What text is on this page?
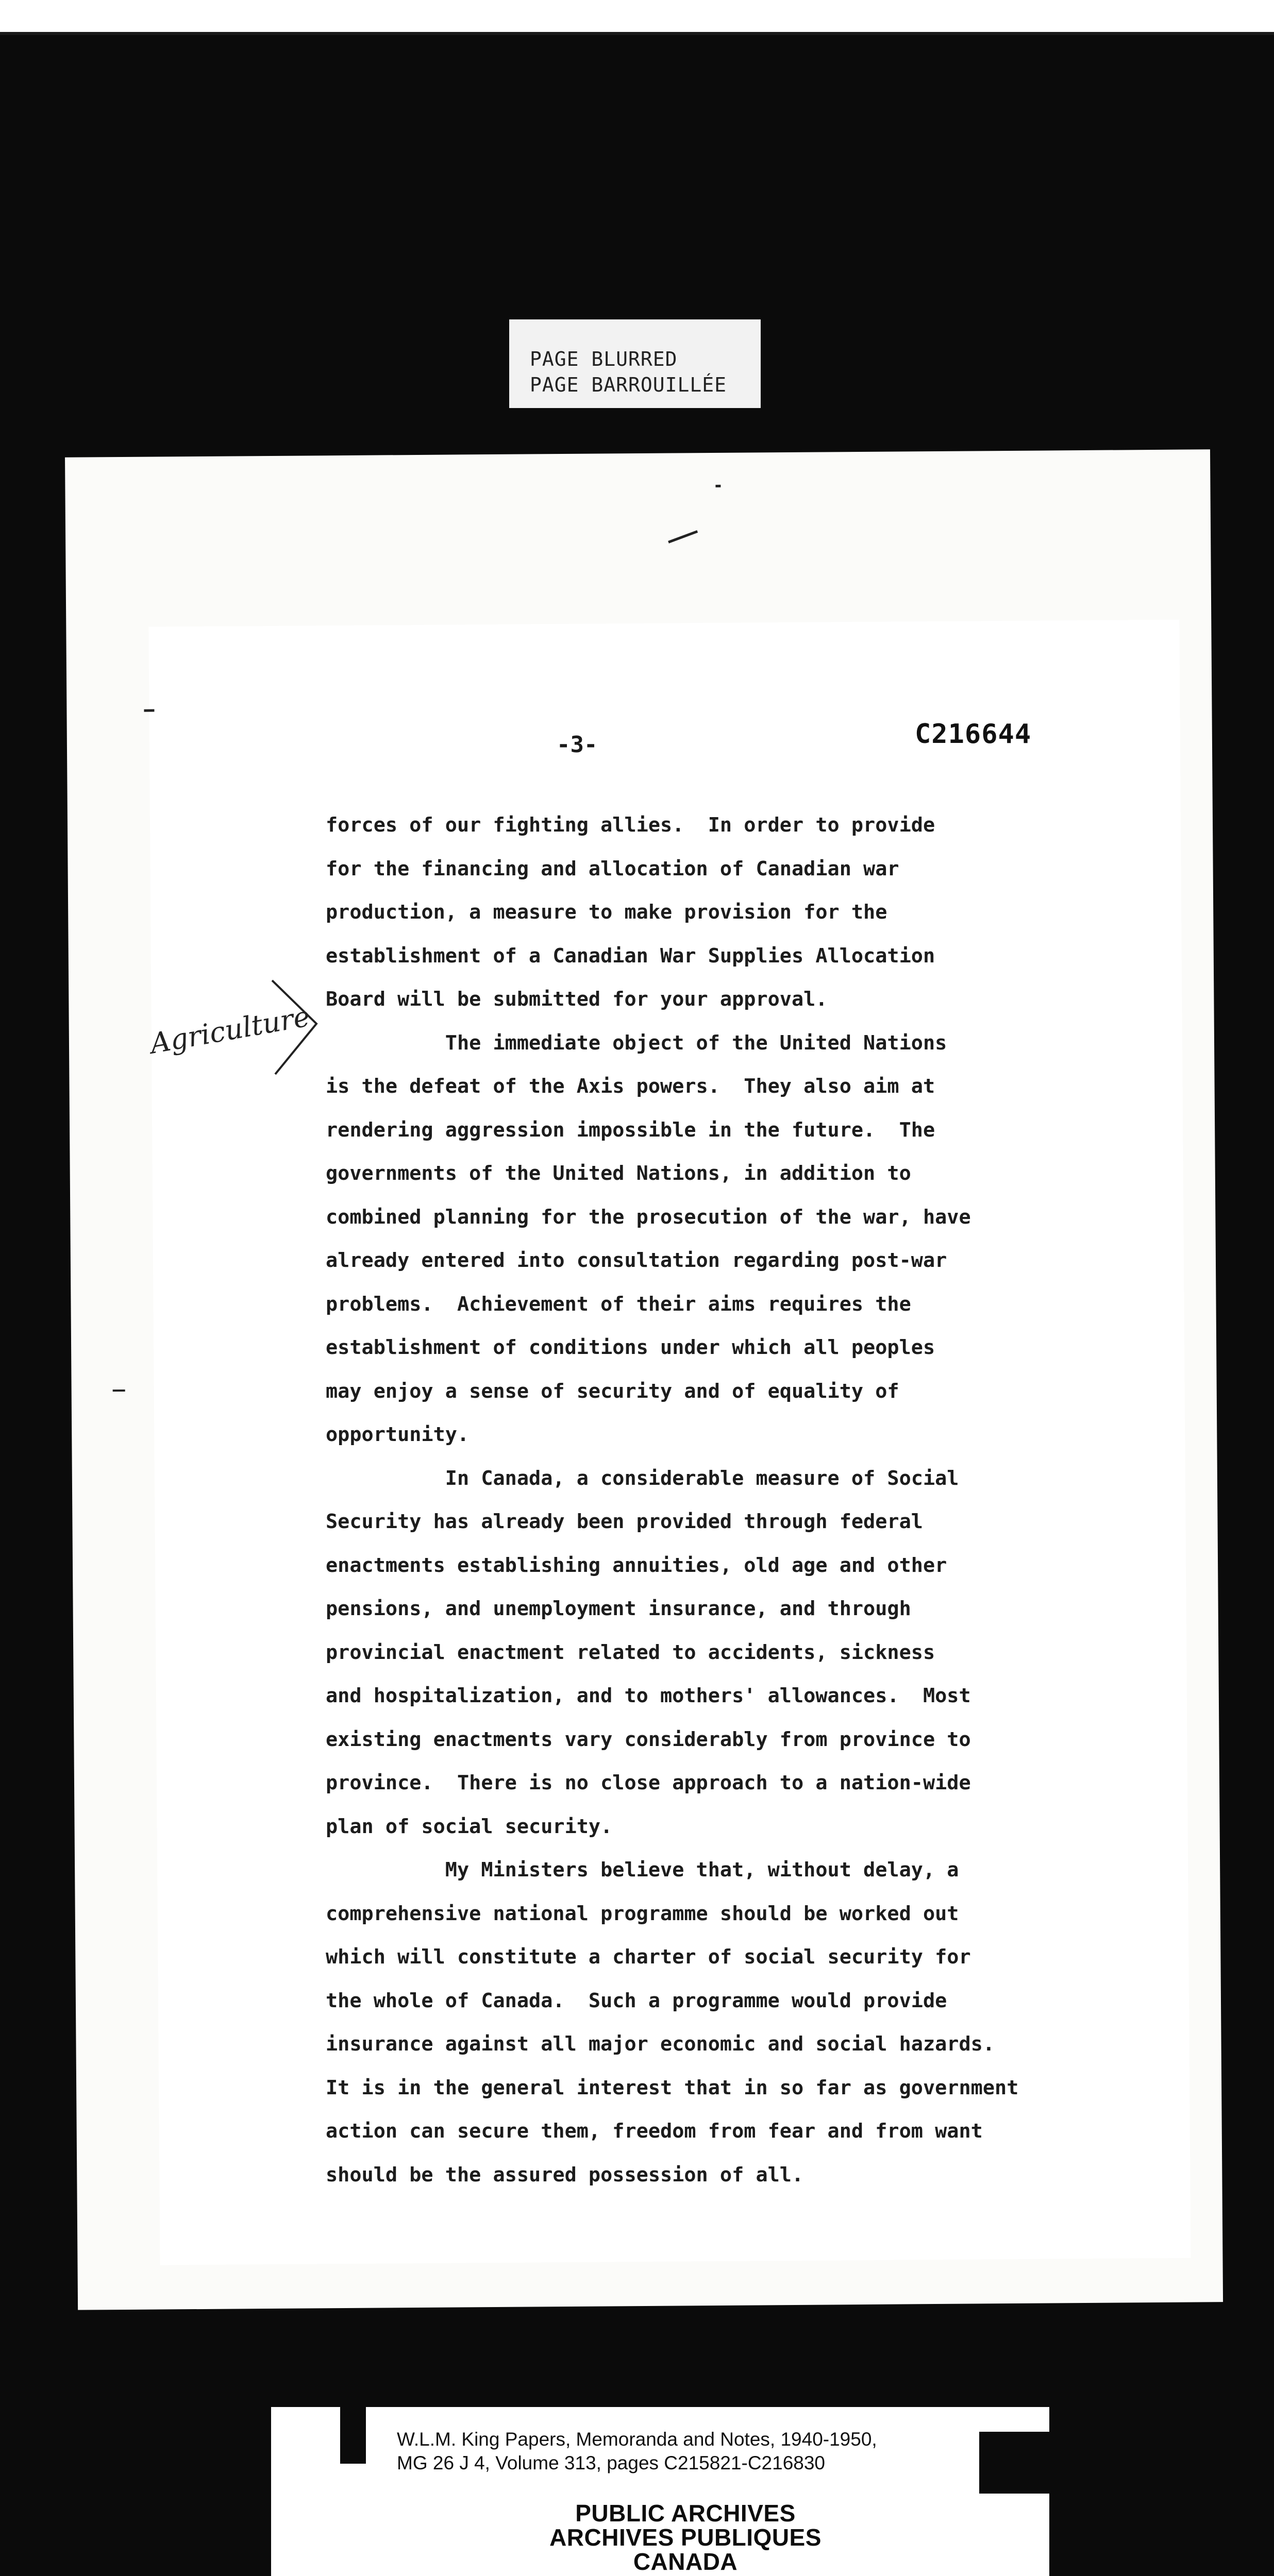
PAGE BLURRED
PAGE BARROUILLÉE
-3-	C216644
Agriculture
forces of our fighting allies.  In order to provide
for the financing and allocation of Canadian war
production, a measure to make provision for the
establishment of a Canadian War Supplies Allocation
Board will be submitted for your approval.
The immediate object of the United Nations
is the defeat of the Axis powers.  They also aim at
rendering aggression impossible in the future.  The
governments of the United Nations, in addition to
combined planning for the prosecution of the war, have
already entered into consultation regarding post-war
problems.  Achievement of their aims requires the
establishment of conditions under which all peoples
may enjoy a sense of security and of equality of
opportunity.
In Canada, a considerable measure of Social
Security has already been provided through federal
enactments establishing annuities, old age and other
pensions, and unemployment insurance, and through
provincial enactment related to accidents, sickness
and hospitalization, and to mothers' allowances.  Most
existing enactments vary considerably from province to
province.  There is no close approach to a nation-wide
plan of social security.
My Ministers believe that, without delay, a
comprehensive national programme should be worked out
which will constitute a charter of social security for
the whole of Canada.  Such a programme would provide
insurance against all major economic and social hazards.
It is in the general interest that in so far as government
action can secure them, freedom from fear and from want
should be the assured possession of all.
W.L.M. King Papers, Memoranda and Notes, 1940-1950,
MG 26 J 4, Volume 313, pages C215821-C216830
PUBLIC ARCHIVES
ARCHIVES PUBLIQUES
CANADA
